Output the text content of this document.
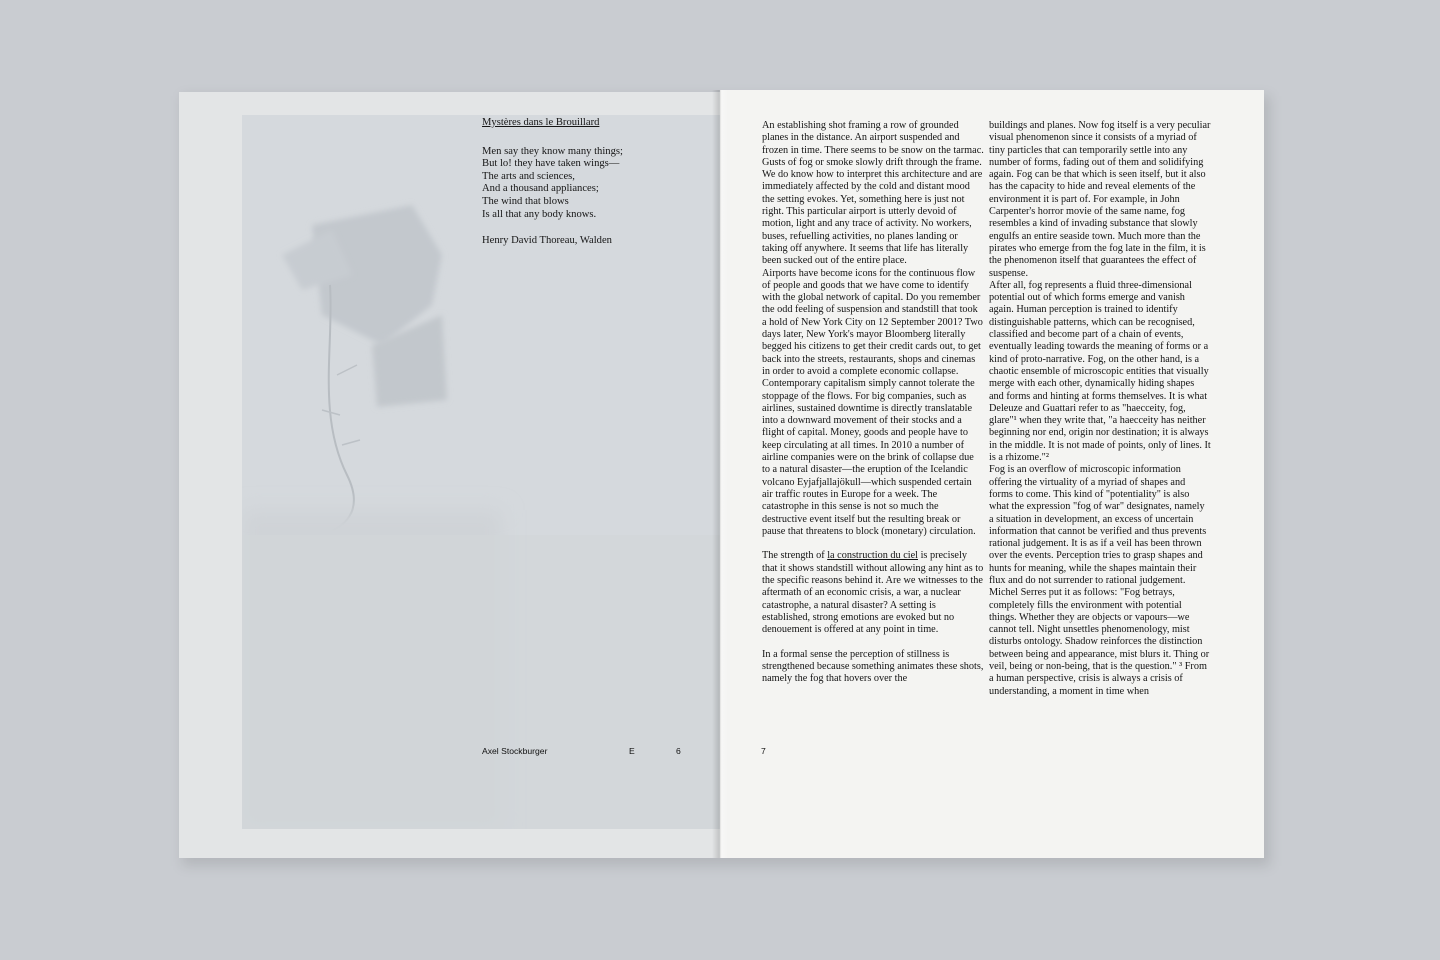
Mystères dans le Brouillard
Men say they know many things;
But lo! they have taken wings—
The arts and sciences,
And a thousand appliances;
The wind that blows
Is all that any body knows.
Henry David Thoreau, Walden
Axel Stockburger	E	6

An establishing shot framing a row of grounded planes in the distance. An airport suspended and frozen in time. There seems to be snow on the tarmac. Gusts of fog or smoke slowly drift through the frame. We do know how to interpret this architecture and are immediately affected by the cold and distant mood the setting evokes. Yet, something here is just not right. This particular airport is utterly devoid of motion, light and any trace of activity. No workers, buses, refuelling activities, no planes landing or taking off anywhere. It seems that life has literally been sucked out of the entire place.

Airports have become icons for the continuous flow of people and goods that we have come to identify with the global network of capital. Do you remember the odd feeling of suspension and standstill that took a hold of New York City on 12 September 2001? Two days later, New York's mayor Bloomberg literally begged his citizens to get their credit cards out, to get back into the streets, restaurants, shops and cinemas in order to avoid a complete economic collapse. Contemporary capitalism simply cannot tolerate the stoppage of the flows. For big companies, such as airlines, sustained downtime is directly translatable into a downward movement of their stocks and a flight of capital. Money, goods and people have to keep circulating at all times. In 2010 a number of airline companies were on the brink of collapse due to a natural disaster—the eruption of the Icelandic volcano Eyjafjallajökull—which suspended certain air traffic routes in Europe for a week. The catastrophe in this sense is not so much the destructive event itself but the resulting break or pause that threatens to block (monetary) circulation.

The strength of la construction du ciel is precisely that it shows standstill without allowing any hint as to the specific reasons behind it. Are we witnesses to the aftermath of an economic crisis, a war, a nuclear catastrophe, a natural disaster? A setting is established, strong emotions are evoked but no denouement is offered at any point in time.

In a formal sense the perception of stillness is strengthened because something animates these shots, namely the fog that hovers over the

buildings and planes. Now fog itself is a very peculiar visual phenomenon since it consists of a myriad of tiny particles that can temporarily settle into any number of forms, fading out of them and solidifying again. Fog can be that which is seen itself, but it also has the capacity to hide and reveal elements of the environment it is part of. For example, in John Carpenter's horror movie of the same name, fog resembles a kind of invading substance that slowly engulfs an entire seaside town. Much more than the pirates who emerge from the fog late in the film, it is the phenomenon itself that guarantees the effect of suspense.

After all, fog represents a fluid three-dimensional potential out of which forms emerge and vanish again. Human perception is trained to identify distinguishable patterns, which can be recognised, classified and become part of a chain of events, eventually leading towards the meaning of forms or a kind of proto-narrative. Fog, on the other hand, is a chaotic ensemble of microscopic entities that visually merge with each other, dynamically hiding shapes and forms and hinting at forms themselves. It is what Deleuze and Guattari refer to as "haecceity, fog, glare"¹ when they write that, "a haecceity has neither beginning nor end, origin nor destination; it is always in the middle. It is not made of points, only of lines. It is a rhizome."²

Fog is an overflow of microscopic information offering the virtuality of a myriad of shapes and forms to come. This kind of "potentiality" is also what the expression "fog of war" designates, namely a situation in development, an excess of uncertain information that cannot be verified and thus prevents rational judgement. It is as if a veil has been thrown over the events. Perception tries to grasp shapes and hunts for meaning, while the shapes maintain their flux and do not surrender to rational judgement. Michel Serres put it as follows: "Fog betrays, completely fills the environment with potential things. Whether they are objects or vapours—we cannot tell. Night unsettles phenomenology, mist disturbs ontology. Shadow reinforces the distinction between being and appearance, mist blurs it. Thing or veil, being or non-being, that is the question." ³ From a human perspective, crisis is always a crisis of understanding, a moment in time when

7
